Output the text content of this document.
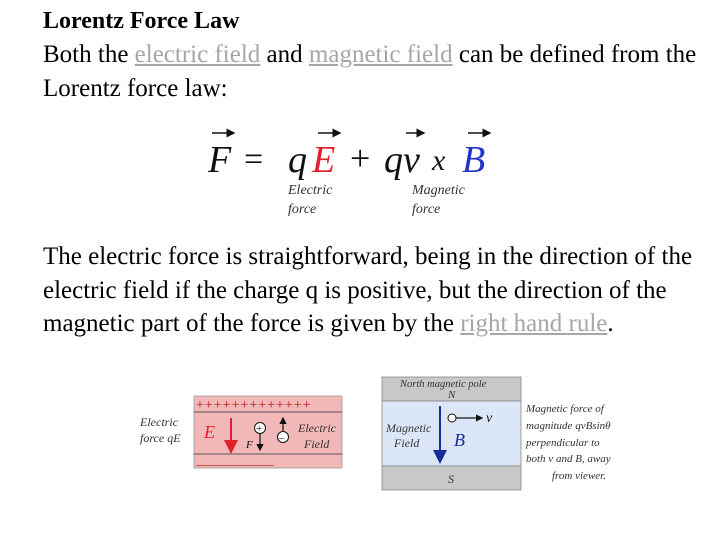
Lorentz Force Law
Both the electric field and magnetic field can be defined from the Lorentz force law:
F = q E + qv x B
Electric
force
Magnetic
force
The electric force is straightforward, being in the direction of the electric field if the charge q is positive, but the direction of the magnetic part of the force is given by the right hand rule.
Electric
force qE
+++++++++++++
–––––––––––––
E	+
F
–
Electric
Field
North magnetic pole
N
S
Magnetic
Field
v
B
Magnetic force of
magnitude qvBsinθ
perpendicular to
both v and B, away
from viewer.
